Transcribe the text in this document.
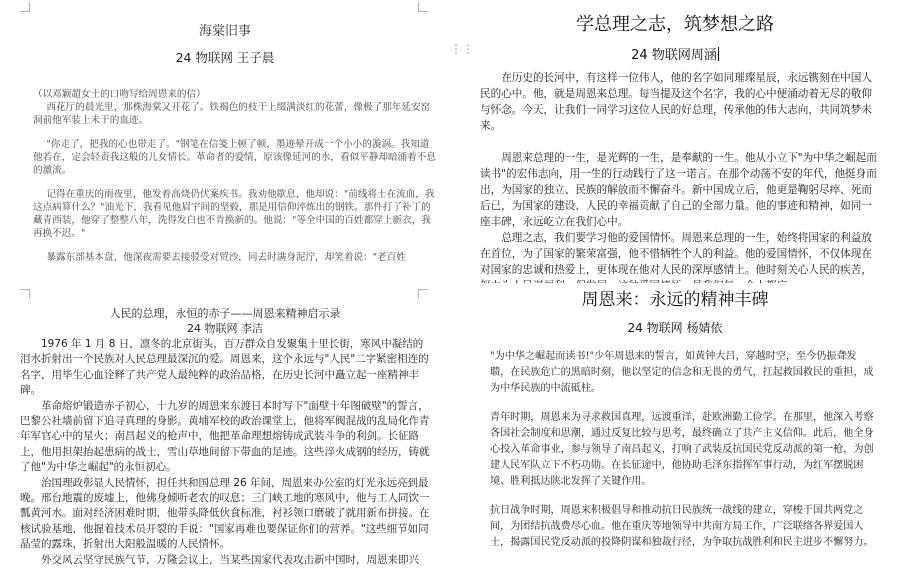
海棠旧事
24 物联网 王子晨

（以邓颖超女士的口吻写给周恩来的信）

西花厅的晨光里，那株海棠又开花了。铁褐色的枝干上缀满淡红的花蕾，像极了那年延安窑洞前他军装上未干的血迹。

"你走了，把我的心也带走了。"钢笔在信笺上顿了顿，墨迹晕开成一个小小的漩涡。我知道他若在，定会轻责我这般的儿女情长。革命者的爱情，原该像延河的水，看似平静却暗涌着不息的激流。

记得在重庆的雨夜里，他发着高烧仍伏案疾书。我劝他歇息，他却说："前线将士在流血，我这点病算什么？"油光下，我看见他眉宇间的坚毅，那是用信仰淬炼出的钢铁。那件打了补丁的藏青西装，他穿了整整八年，洗得发白也不肯换新的。他说："等全中国的百姓都穿上新衣，我再换不迟。"

暴露东部基本盘，他深夜需要去接驳受对贸沙，同去时满身泥泞，却笑着说："老百姓

学总理之志，筑梦想之路
⋮⋮	24 物联网周涵

在历史的长河中，有这样一位伟人，他的名字如同璀璨星辰，永远镌刻在中国人民的心中。他，就是周恩来总理。每当提及这个名字，我的心中便涌动着无尽的敬仰与怀念。今天，让我们一同学习这位人民的好总理，传承他的伟大志向，共同筑梦未来。

周恩来总理的一生，是光辉的一生，是奉献的一生。他从小立下"为中华之崛起而读书"的宏伟志向，用一生的行动践行了这一诺言。在那个动荡不安的年代，他挺身而出，为国家的独立、民族的解放而不懈奋斗。新中国成立后，他更是鞠躬尽瘁、死而后已，为国家的建设、人民的幸福贡献了自己的全部力量。他的事迹和精神，如同一座丰碑，永远屹立在我们心中。

总理之志，我们要学习他的爱国情怀。周恩来总理的一生，始终将国家的利益放在首位，为了国家的繁荣富强，他不惜牺牲个人的利益。他的爱国情怀，不仅体现在对国家的忠诚和热爱上，更体现在他对人民的深厚感情上。他时刻关心人民的疾苦，

人民的总理，永恒的赤子——周恩来精神启示录
24 物联网 李洁

1976 年 1 月 8 日，凛冬的北京街头，百万群众自发聚集十里长街，寒风中凝结的泪水折射出一个民族对人民总理最深沉的爱。周恩来，这个永远与"人民"二字紧密相连的名字，用毕生心血诠释了共产党人最纯粹的政治品格，在历史长河中矗立起一座精神丰碑。

革命熔炉锻造赤子初心，十九岁的周恩来东渡日本时写下"面壁十年图破壁"的誓言，巴黎公社墙前留下追寻真理的身影。黄埔军校的政治课堂上，他将军阀混战的乱局化作青年军官心中的星火；南昌起义的枪声中，他把革命理想熔铸成武装斗争的利剑。长征路上，他用担架抬起患病的战士，雪山草地间留下带血的足迹。这些淬火成钢的经历，铸就了他"为中华之崛起"的永恒初心。

治国理政彰显人民情怀，担任共和国总理 26 年间，周恩来办公室的灯光永远亮到最晚。邢台地震的废墟上，他佛身倾听老农的叹息；三门峡工地的寒风中，他与工人同饮一瓢黄河水。面对经济困难时期，他带头降低伙食标准，衬衫领口磨破了就用新布拼接。在核试验基地，他握着技术员开裂的手说："国家再难也要保证你们的营养。"这些细节如同晶莹的露珠，折射出大阳般温暖的人民情怀。

外交风云坚守民族气节，万隆会议上，当某些国家代表攻击新中国时，周恩来即兴

周恩来：永远的精神丰碑
24 物联网 杨婧依

"为中华之崛起而读书!"少年周恩来的誓言，如黄钟大吕，穿越时空，至今仍振聋发聩，在民族危亡的黑暗时刻，他以坚定的信念和无畏的勇气，扛起救国救民的重担，成为中华民族的中流砥柱。

青年时期，周恩来为寻求救国真理，远渡重洋，赴欧洲勤工俭学。在那里，他深入考察各国社会制度和思潮，通过反复比较与思考，最终确立了共产主义信仰。此后，他全身心投入革命事业，参与领导了南昌起义，打响了武装反抗国民党反动派的第一枪，为创建人民军队立下不朽功勋。在长征途中，他协助毛泽东指挥军事行动，为红军摆脱困境、胜利抵达陕北发挥了关键作用。

抗日战争时期，周恩来积极倡导和推动抗日民族统一战线的建立，穿梭于国共两党之间，为团结抗战费尽心血。他在重庆等地领导中共南方局工作，广泛联络各界爱国人士，揭露国民党反动派的投降阴谋和独裁行径，为争取抗战胜利和民主进步不懈努力。
